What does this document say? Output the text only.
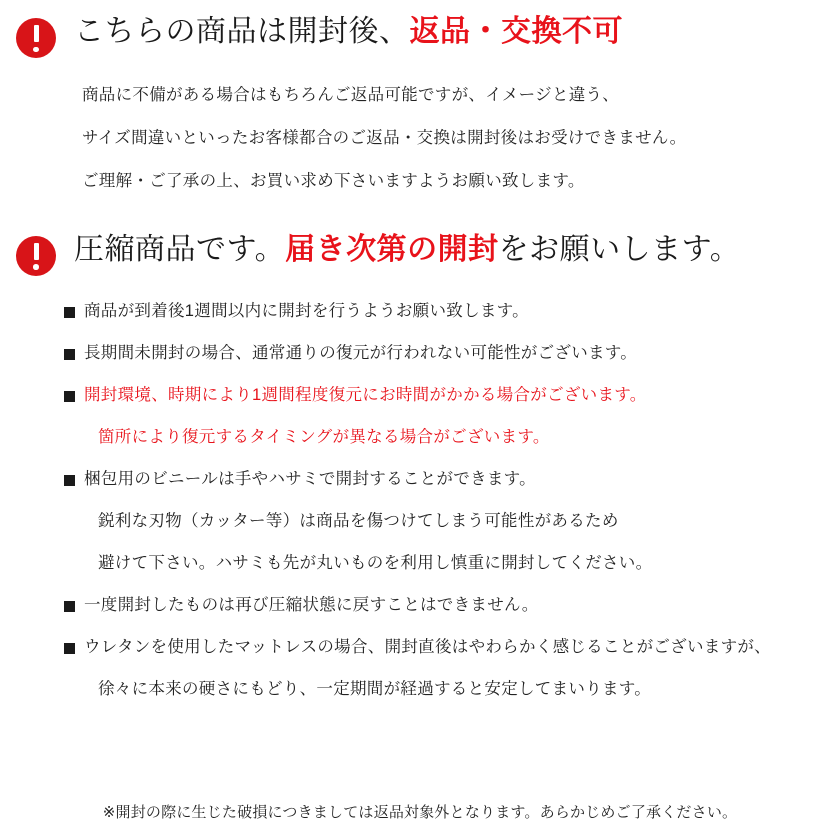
こちらの商品は開封後、返品・交換不可
商品に不備がある場合はもちろんご返品可能ですが、イメージと違う、
サイズ間違いといったお客様都合のご返品・交換は開封後はお受けできません。
ご理解・ご了承の上、お買い求め下さいますようお願い致します。
圧縮商品です。届き次第の開封をお願いします。
商品が到着後1週間以内に開封を行うようお願い致します。
長期間未開封の場合、通常通りの復元が行われない可能性がございます。
開封環境、時期により1週間程度復元にお時間がかかる場合がございます。
箇所により復元するタイミングが異なる場合がございます。
梱包用のビニールは手やハサミで開封することができます。
鋭利な刃物（カッター等）は商品を傷つけてしまう可能性があるため
避けて下さい。ハサミも先が丸いものを利用し慎重に開封してください。
一度開封したものは再び圧縮状態に戻すことはできません。
ウレタンを使用したマットレスの場合、開封直後はやわらかく感じることがございますが、
徐々に本来の硬さにもどり、一定期間が経過すると安定してまいります。
※開封の際に生じた破損につきましては返品対象外となります。あらかじめご了承ください。
